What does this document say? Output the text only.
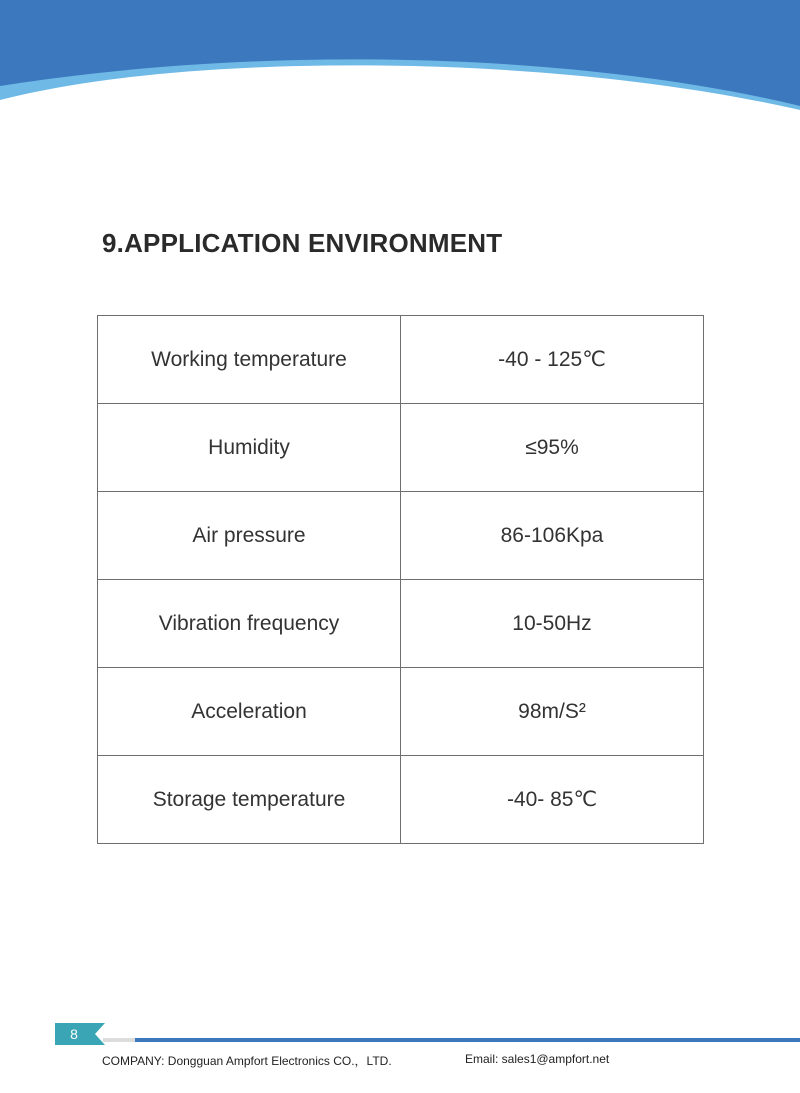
9.APPLICATION ENVIRONMENT
Working temperature	-40 - 125℃
Humidity	≤95%
Air pressure	86-106Kpa
Vibration frequency	10-50Hz
Acceleration	98m/S²
Storage temperature	-40- 85℃
8
COMPANY: Dongguan Ampfort Electronics CO.，LTD.	Email: sales1@ampfort.net
